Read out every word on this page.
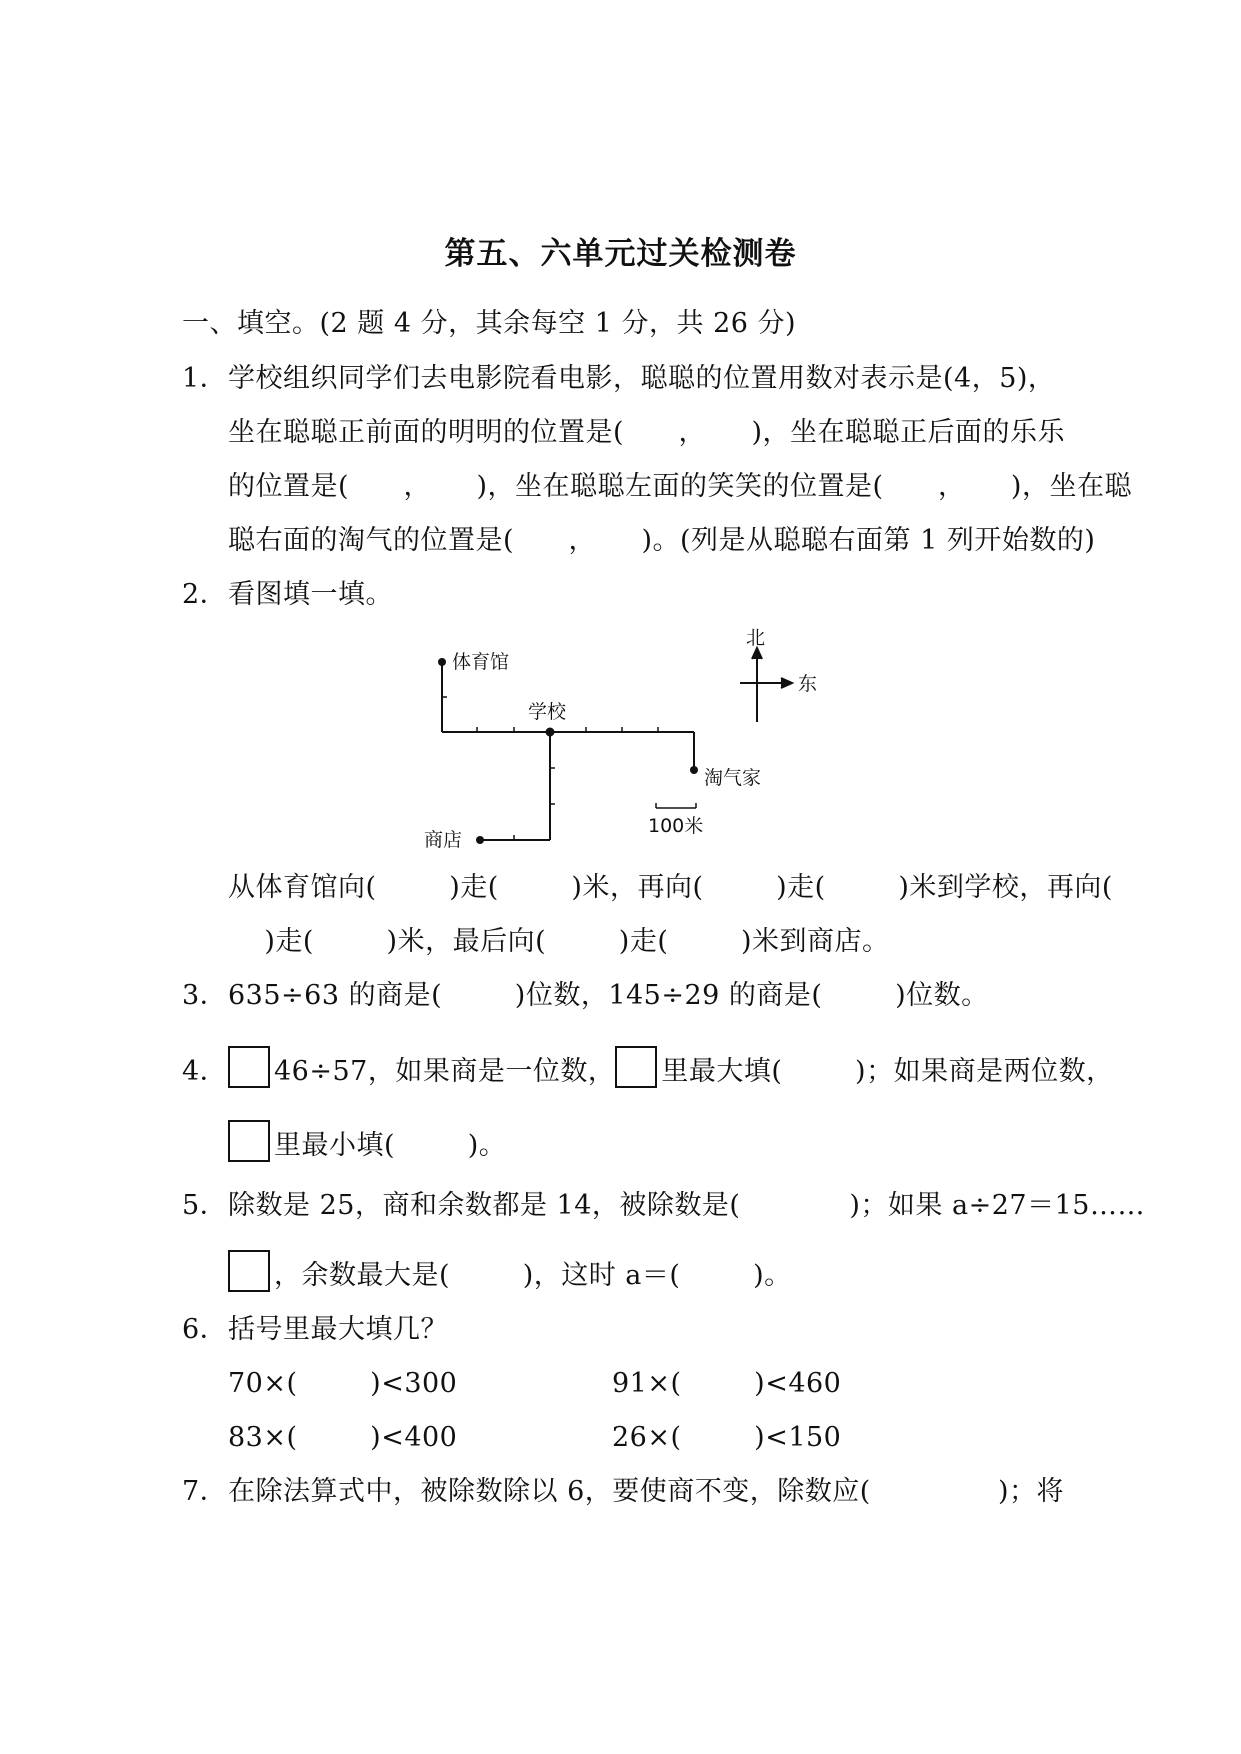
第五、六单元过关检测卷
一、填空。(2 题 4 分，其余每空 1 分，共 26 分)
1．学校组织同学们去电影院看电影，聪聪的位置用数对表示是(4，5)，
坐在聪聪正前面的明明的位置是(      ，     )，坐在聪聪正后面的乐乐
的位置是(      ，     )，坐在聪聪左面的笑笑的位置是(      ，     )，坐在聪
聪右面的淘气的位置是(      ，     )。(列是从聪聪右面第 1 列开始数的)
2．看图填一填。
体育馆
学校
淘气家
商店
北
东
100米
从体育馆向(        )走(        )米，再向(        )走(        )米到学校，再向(
)走(        )米，最后向(        )走(        )米到商店。
3．635÷63 的商是(        )位数，145÷29 的商是(        )位数。
4． 46÷57，如果商是一位数， 里最大填(        )；如果商是两位数，
里最小填(        )。
5．除数是 25，商和余数都是 14，被除数是(            )；如果 a÷27＝15……
，余数最大是(        )，这时 a＝(        )。
6．括号里最大填几？
70×(        )<300	91×(        )<460
83×(        )<400	26×(        )<150
7．在除法算式中，被除数除以 6，要使商不变，除数应(              )；将
